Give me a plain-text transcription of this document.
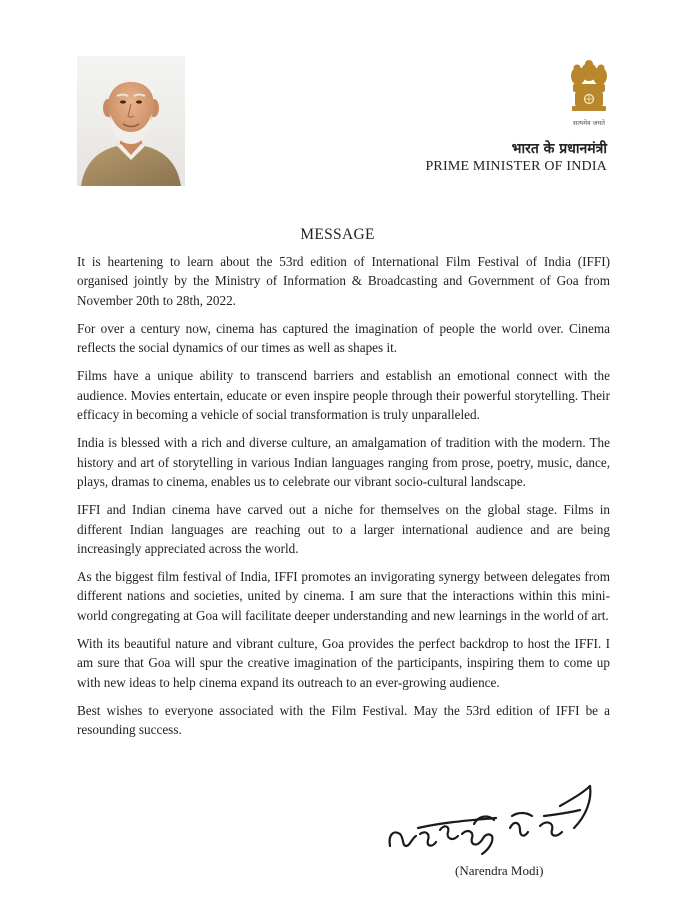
सत्यमेव जयते
भारत के प्रधानमंत्री
PRIME MINISTER OF INDIA
MESSAGE

It is heartening to learn about the 53rd edition of International Film Festival of India (IFFI) organised jointly by the Ministry of Information & Broadcasting and Government of Goa from November 20th to 28th, 2022.

For over a century now, cinema has captured the imagination of people the world over. Cinema reflects the social dynamics of our times as well as shapes it.

Films have a unique ability to transcend barriers and establish an emotional connect with the audience. Movies entertain, educate or even inspire people through their powerful storytelling. Their efficacy in becoming a vehicle of social transformation is truly unparalleled.

India is blessed with a rich and diverse culture, an amalgamation of tradition with the modern. The history and art of storytelling in various Indian languages ranging from prose, poetry, music, dance, plays, dramas to cinema, enables us to celebrate our vibrant socio-cultural landscape.

IFFI and Indian cinema have carved out a niche for themselves on the global stage. Films in different Indian languages are reaching out to a larger international audience and are being increasingly appreciated across the world.

As the biggest film festival of India, IFFI promotes an invigorating synergy between delegates from different nations and societies, united by cinema. I am sure that the interactions within this mini-world congregating at Goa will facilitate deeper understanding and new learnings in the world of art.

With its beautiful nature and vibrant culture, Goa provides the perfect backdrop to host the IFFI. I am sure that Goa will spur the creative imagination of the participants, inspiring them to come up with new ideas to help cinema expand its outreach to an ever-growing audience.

Best wishes to everyone associated with the Film Festival. May the 53rd edition of IFFI be a resounding success.

(Narendra Modi)
